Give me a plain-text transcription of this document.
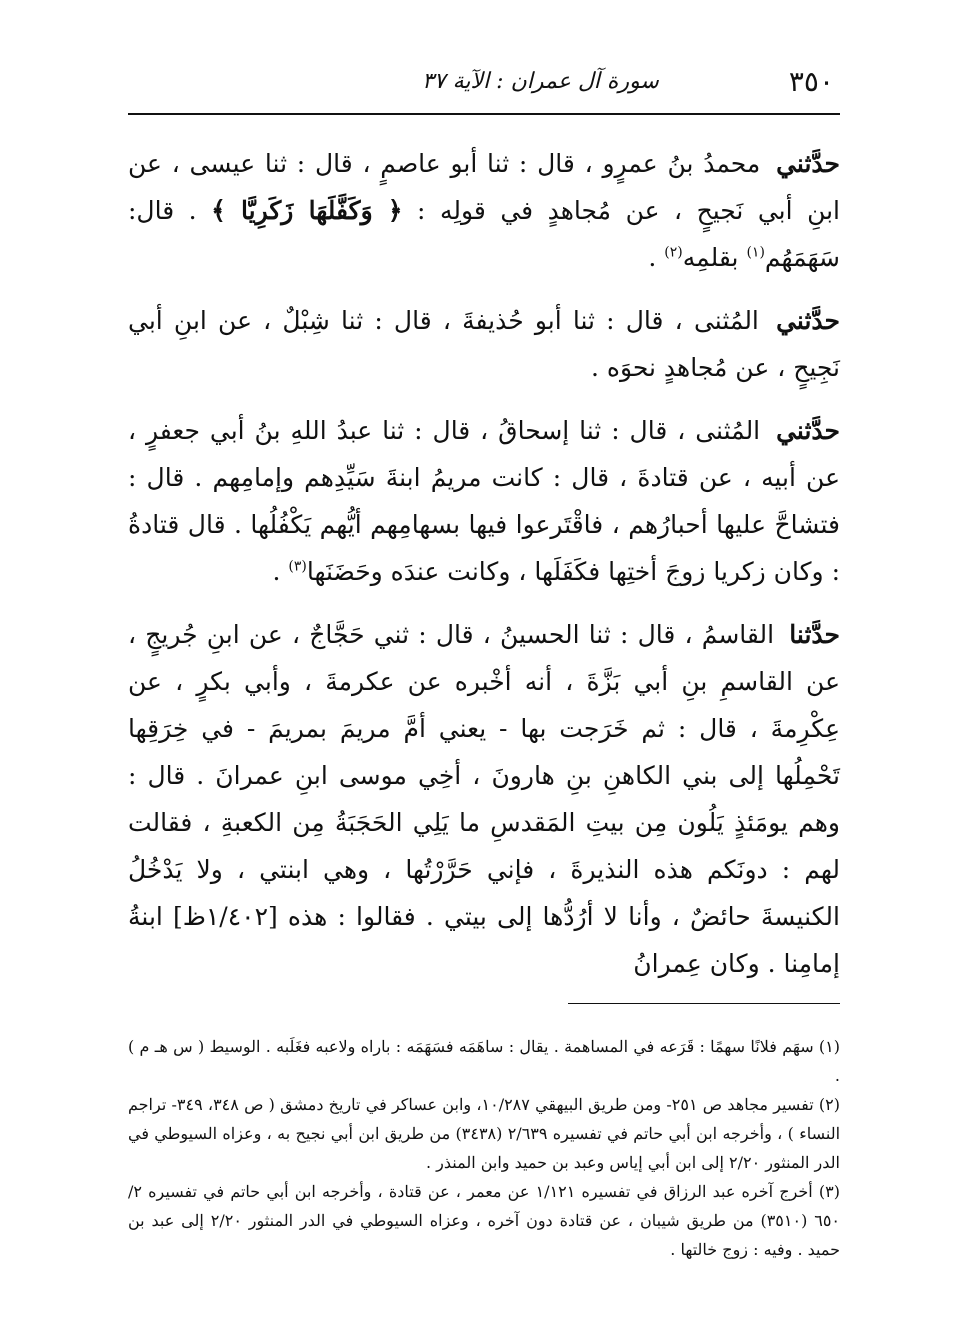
٣٥٠
سورة آل عمران : الآية ٣٧

حدَّثني محمدُ بنُ عمرٍو ، قال : ثنا أبو عاصمٍ ، قال : ثنا عيسى ، عن ابنِ أبي نَجيحٍ ، عن مُجاهدٍ في قولِه : ﴿ وَكَفَّلَهَا زَكَرِيَّا ﴾ . قال: سَهَمَهُم$^{(١)}$ بقلمِه$^{(٢)}$ .

حدَّثني المُثنى ، قال : ثنا أبو حُذيفةَ ، قال : ثنا شِبْلٌ ، عن ابنِ أبي نَجِيحٍ ، عن مُجاهدٍ نحوَه .

حدَّثني المُثنى ، قال : ثنا إسحاقُ ، قال : ثنا عبدُ اللهِ بنُ أبي جعفرٍ ، عن أبيه ، عن قتادةَ ، قال : كانت مريمُ ابنةَ سَيِّدِهم وإمامِهم . قال : فتشاحَّ عليها أحبارُهم ، فاقْتَرعوا فيها بسهامِهم أيُّهم يَكْفُلُها . قال قتادةُ : وكان زكريا زوجَ أختِها فكَفَلَها ، وكانت عندَه وحَضَنَها$^{(٣)}$ .

حدَّثنا القاسمُ ، قال : ثنا الحسينُ ، قال : ثني حَجَّاجٌ ، عن ابنِ جُريجٍ ، عن القاسمِ بنِ أبي بَزَّةَ ، أنه أخْبره عن عكرمةَ ، وأبي بكرٍ ، عن عِكْرِمةَ ، قال : ثم خَرَجت بها - يعني أمَّ مريمَ بمريمَ - في خِرَقِها تَحْمِلُها إلى بني الكاهنِ بنِ هارونَ ، أخِي موسى ابنِ عمرانَ . قال : وهم يومَئذٍ يَلُون مِن بيتِ المَقدسِ ما يَلِي الحَجَبَةُ مِن الكعبةِ ، فقالت لهم : دونَكم هذه النذيرةَ ، فإني حَرَّرْتُها ، وهي ابنتي ، ولا يَدْخُلُ الكنيسةَ حائضٌ ، وأنا لا أرُدُّها إلى بيتي . فقالوا : هذه [١/٤٠٢ظ] ابنةُ إمامِنا . وكان عِمرانُ

(١) سهَم فلانًا سهمًا : قَرَعه في المساهمة . يقال : ساهَمَه فسَهَمَه : باراه ولاعبه فغَلَبه . الوسيط ( س هـ م ) .

(٢) تفسير مجاهد ص ٢٥١- ومن طريق البيهقي ١٠/٢٨٧، وابن عساكر في تاريخ دمشق ( ص ٣٤٨، ٣٤٩- تراجم النساء ) ، وأخرجه ابن أبي حاتم في تفسيره ٢/٦٣٩ (٣٤٣٨) من طريق ابن أبي نجيح به ، وعزاه السيوطي في الدر المنثور ٢/٢٠ إلى ابن أبي إياس وعبد بن حميد وابن المنذر .

(٣) أخرج آخره عبد الرزاق في تفسيره ١/١٢١ عن معمر ، عن قتادة ، وأخرجه ابن أبي حاتم في تفسيره ٢/ ٦٥٠ (٣٥١٠) من طريق شيبان ، عن قتادة دون آخره ، وعزاه السيوطي في الدر المنثور ٢/٢٠ إلى عبد بن حميد . وفيه : زوج خالتها .
